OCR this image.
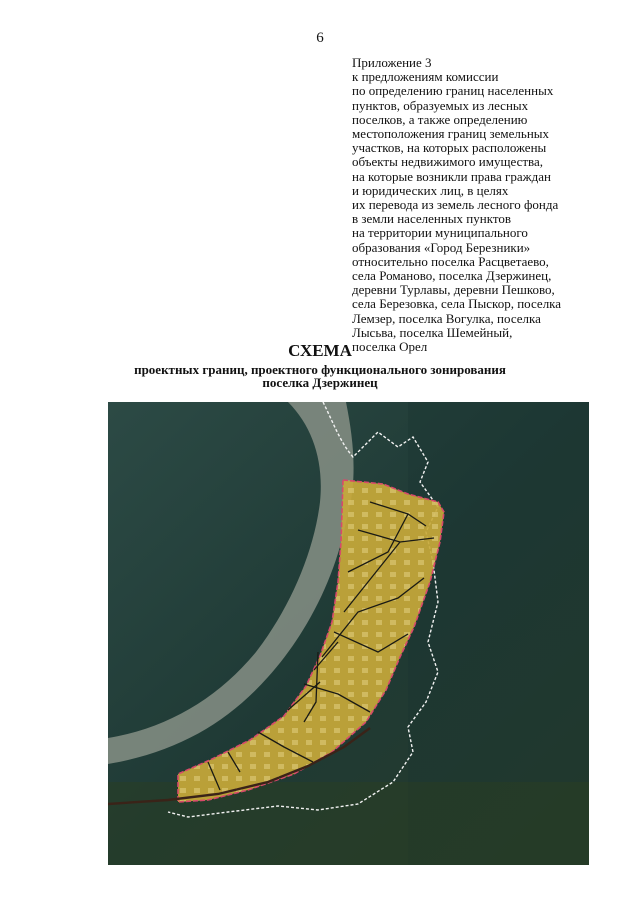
6
Приложение 3
к предложениям комиссии
по определению границ населенных
пунктов, образуемых из лесных
поселков, а также определению
местоположения границ земельных
участков, на которых расположены
объекты недвижимого имущества,
на которые возникли права граждан
и юридических лиц, в целях
их перевода из земель лесного фонда
в земли населенных пунктов
на территории муниципального
образования «Город Березники»
относительно поселка Расцветаево,
села Романово, поселка Дзержинец,
деревни Турлавы, деревни Пешково,
села Березовка, села Пыскор, поселка
Лемзер, поселка Вогулка, поселка
Лысьва, поселка Шемейный,
поселка Орел
СХЕМА
проектных границ, проектного функционального зонирования
поселка Дзержинец
